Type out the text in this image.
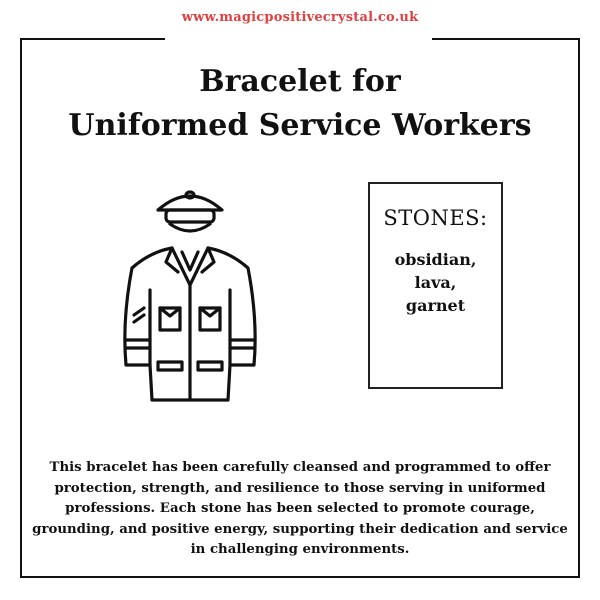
www.magicpositivecrystal.co.uk
Bracelet for
Uniformed Service Workers
STONES:
obsidian,
lava,
garnet
This bracelet has been carefully cleansed and programmed to offer protection, strength, and resilience to those serving in uniformed professions. Each stone has been selected to promote courage, grounding, and positive energy, supporting their dedication and service in challenging environments.
